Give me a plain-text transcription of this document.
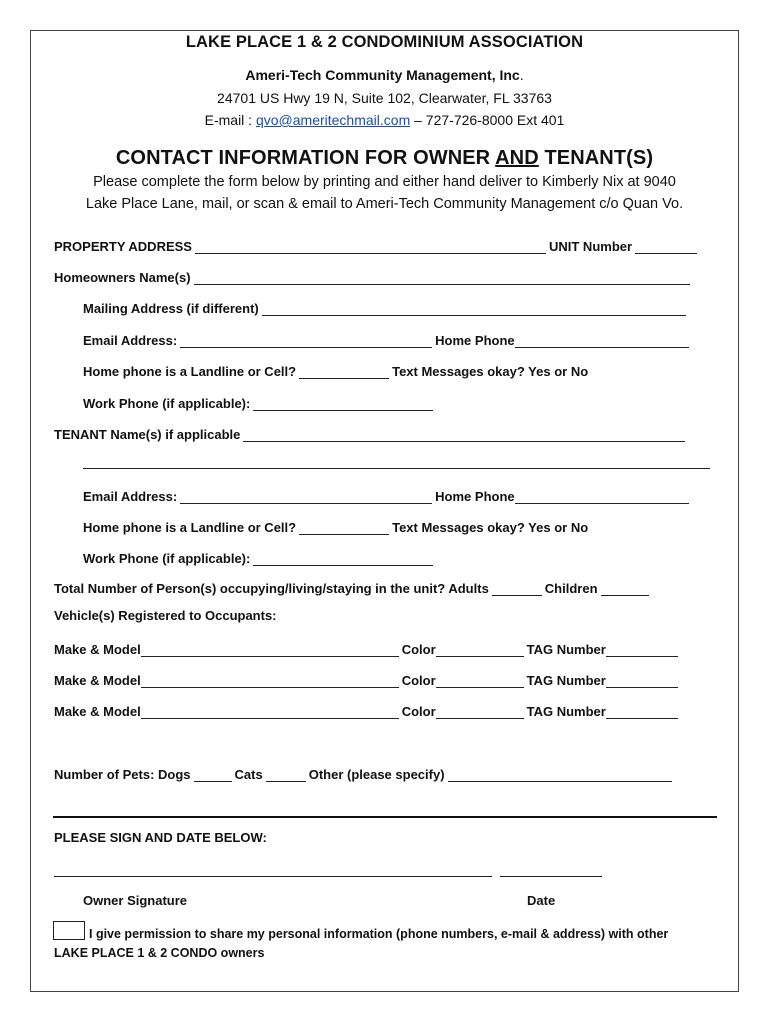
LAKE PLACE 1 & 2 CONDOMINIUM ASSOCIATION
Ameri-Tech Community Management, Inc.
24701 US Hwy 19 N, Suite 102, Clearwater, FL 33763
E-mail : qvo@ameritechmail.com – 727-726-8000 Ext 401
CONTACT INFORMATION FOR OWNER AND TENANT(S)
Please complete the form below by printing and either hand deliver to Kimberly Nix at 9040
Lake Place Lane, mail, or scan & email to Ameri-Tech Community Management c/o Quan Vo.
PROPERTY ADDRESS	UNIT Number
Homeowners Name(s)
Mailing Address (if different)
Email Address:	Home Phone
Home phone is a Landline or Cell?	Text Messages okay? Yes or No
Work Phone (if applicable):
TENANT Name(s) if applicable
Email Address:	Home Phone
Home phone is a Landline or Cell?	Text Messages okay? Yes or No
Work Phone (if applicable):
Total Number of Person(s) occupying/living/staying in the unit? Adults	Children
Vehicle(s) Registered to Occupants:
Make & Model	Color	TAG Number
Make & Model	Color	TAG Number
Make & Model	Color	TAG Number
Number of Pets: Dogs	Cats	Other (please specify)
PLEASE SIGN AND DATE BELOW:
Owner Signature	Date
I give permission to share my personal information (phone numbers, e-mail & address) with other
LAKE PLACE 1 & 2 CONDO owners
